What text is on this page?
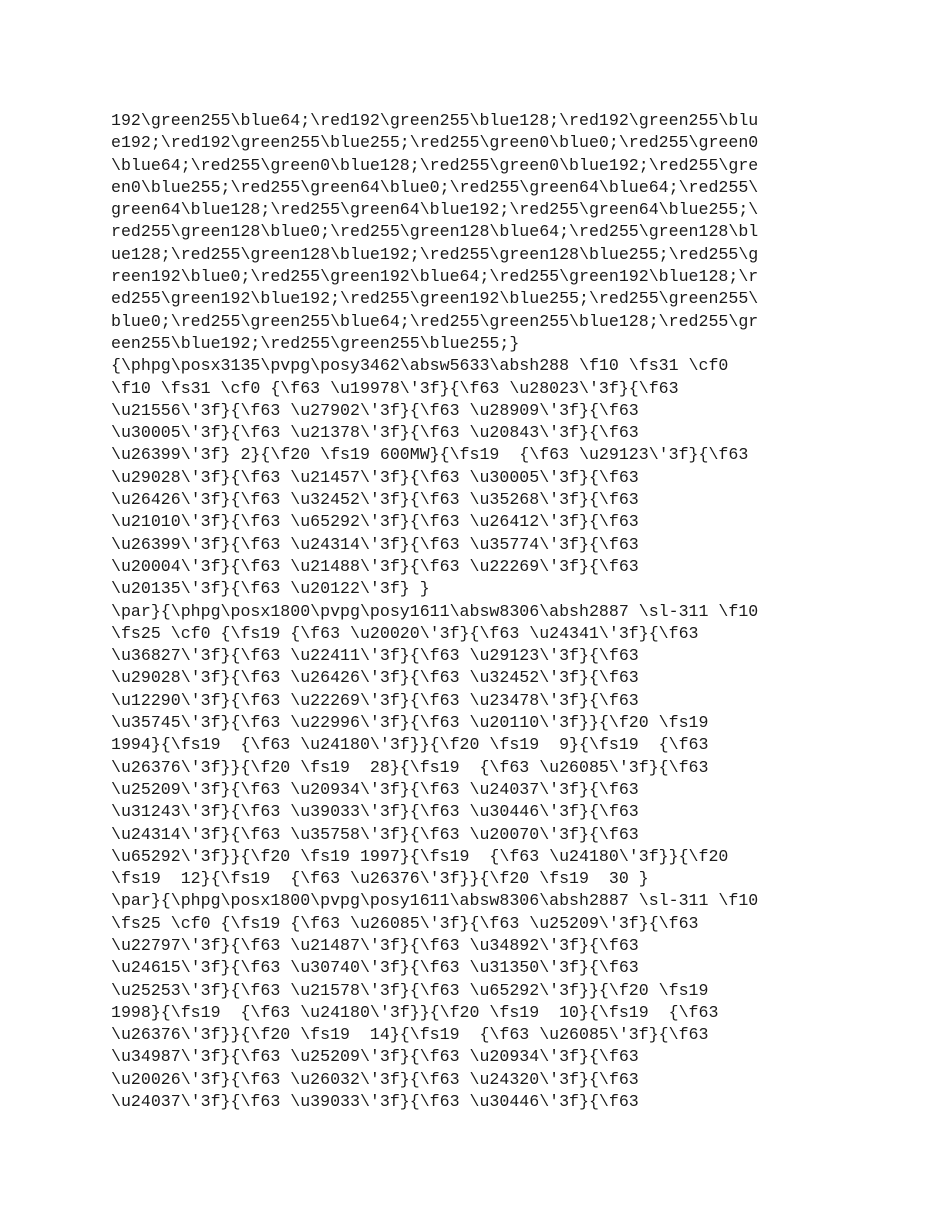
192\green255\blue64;\red192\green255\blue128;\red192\green255\blu
e192;\red192\green255\blue255;\red255\green0\blue0;\red255\green0
\blue64;\red255\green0\blue128;\red255\green0\blue192;\red255\gre
en0\blue255;\red255\green64\blue0;\red255\green64\blue64;\red255\
green64\blue128;\red255\green64\blue192;\red255\green64\blue255;\
red255\green128\blue0;\red255\green128\blue64;\red255\green128\bl
ue128;\red255\green128\blue192;\red255\green128\blue255;\red255\g
reen192\blue0;\red255\green192\blue64;\red255\green192\blue128;\r
ed255\green192\blue192;\red255\green192\blue255;\red255\green255\
blue0;\red255\green255\blue64;\red255\green255\blue128;\red255\gr
een255\blue192;\red255\green255\blue255;}
{\phpg\posx3135\pvpg\posy3462\absw5633\absh288 \f10 \fs31 \cf0
\f10 \fs31 \cf0 {\f63 \u19978\'3f}{\f63 \u28023\'3f}{\f63
\u21556\'3f}{\f63 \u27902\'3f}{\f63 \u28909\'3f}{\f63
\u30005\'3f}{\f63 \u21378\'3f}{\f63 \u20843\'3f}{\f63
\u26399\'3f} 2}{\f20 \fs19 600MW}{\fs19  {\f63 \u29123\'3f}{\f63
\u29028\'3f}{\f63 \u21457\'3f}{\f63 \u30005\'3f}{\f63
\u26426\'3f}{\f63 \u32452\'3f}{\f63 \u35268\'3f}{\f63
\u21010\'3f}{\f63 \u65292\'3f}{\f63 \u26412\'3f}{\f63
\u26399\'3f}{\f63 \u24314\'3f}{\f63 \u35774\'3f}{\f63
\u20004\'3f}{\f63 \u21488\'3f}{\f63 \u22269\'3f}{\f63
\u20135\'3f}{\f63 \u20122\'3f} }
\par}{\phpg\posx1800\pvpg\posy1611\absw8306\absh2887 \sl-311 \f10
\fs25 \cf0 {\fs19 {\f63 \u20020\'3f}{\f63 \u24341\'3f}{\f63
\u36827\'3f}{\f63 \u22411\'3f}{\f63 \u29123\'3f}{\f63
\u29028\'3f}{\f63 \u26426\'3f}{\f63 \u32452\'3f}{\f63
\u12290\'3f}{\f63 \u22269\'3f}{\f63 \u23478\'3f}{\f63
\u35745\'3f}{\f63 \u22996\'3f}{\f63 \u20110\'3f}}{\f20 \fs19
1994}{\fs19  {\f63 \u24180\'3f}}{\f20 \fs19  9}{\fs19  {\f63
\u26376\'3f}}{\f20 \fs19  28}{\fs19  {\f63 \u26085\'3f}{\f63
\u25209\'3f}{\f63 \u20934\'3f}{\f63 \u24037\'3f}{\f63
\u31243\'3f}{\f63 \u39033\'3f}{\f63 \u30446\'3f}{\f63
\u24314\'3f}{\f63 \u35758\'3f}{\f63 \u20070\'3f}{\f63
\u65292\'3f}}{\f20 \fs19 1997}{\fs19  {\f63 \u24180\'3f}}{\f20
\fs19  12}{\fs19  {\f63 \u26376\'3f}}{\f20 \fs19  30 }
\par}{\phpg\posx1800\pvpg\posy1611\absw8306\absh2887 \sl-311 \f10
\fs25 \cf0 {\fs19 {\f63 \u26085\'3f}{\f63 \u25209\'3f}{\f63
\u22797\'3f}{\f63 \u21487\'3f}{\f63 \u34892\'3f}{\f63
\u24615\'3f}{\f63 \u30740\'3f}{\f63 \u31350\'3f}{\f63
\u25253\'3f}{\f63 \u21578\'3f}{\f63 \u65292\'3f}}{\f20 \fs19
1998}{\fs19  {\f63 \u24180\'3f}}{\f20 \fs19  10}{\fs19  {\f63
\u26376\'3f}}{\f20 \fs19  14}{\fs19  {\f63 \u26085\'3f}{\f63
\u34987\'3f}{\f63 \u25209\'3f}{\f63 \u20934\'3f}{\f63
\u20026\'3f}{\f63 \u26032\'3f}{\f63 \u24320\'3f}{\f63
\u24037\'3f}{\f63 \u39033\'3f}{\f63 \u30446\'3f}{\f63
